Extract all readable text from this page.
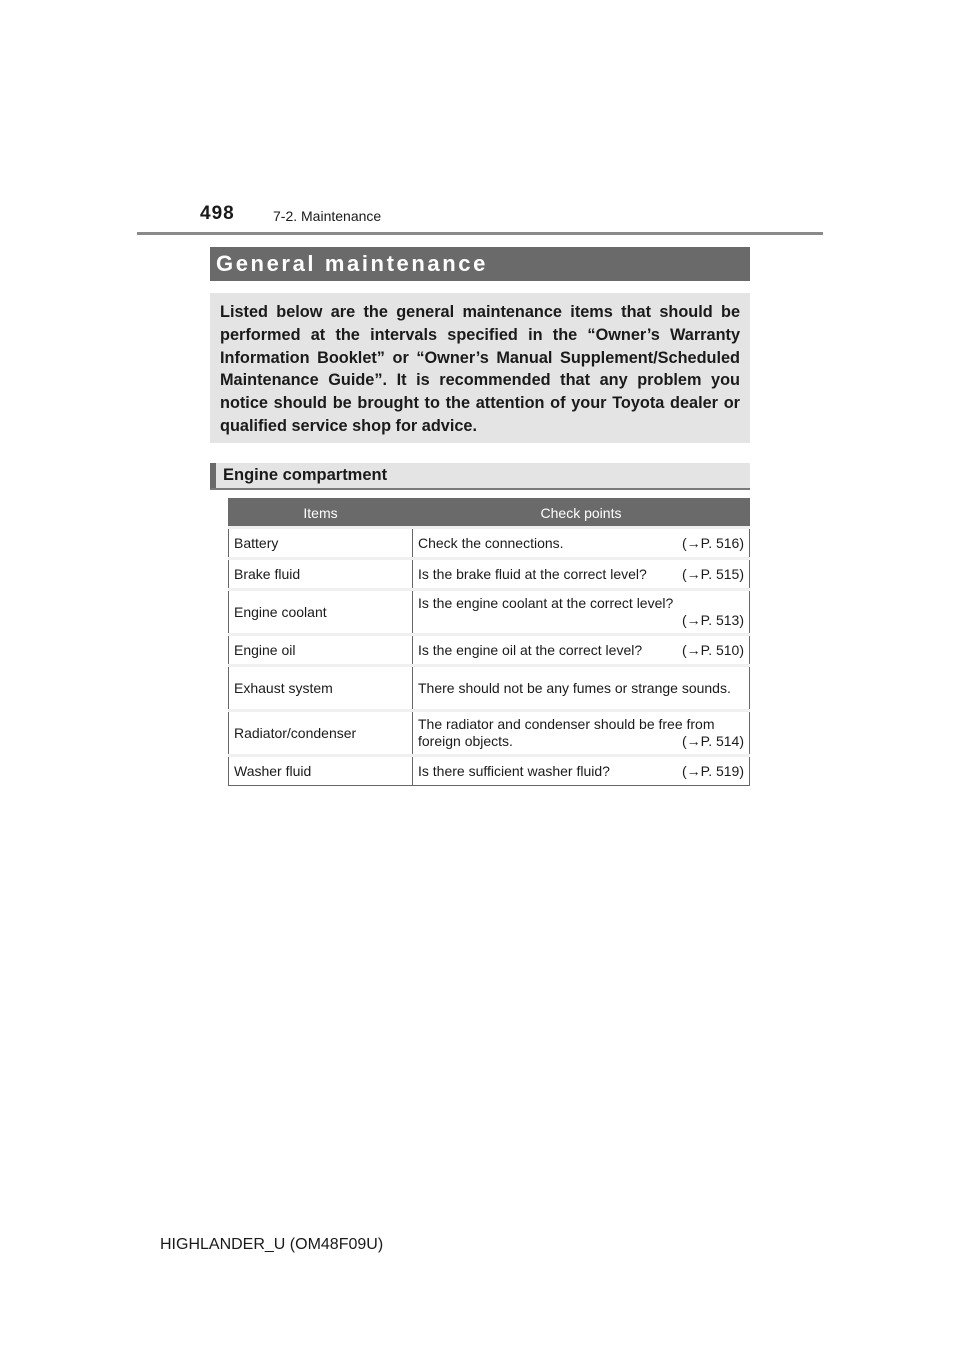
498	7-2. Maintenance
General maintenance

Listed below are the general maintenance items that should be performed at the intervals specified in the “Owner’s Warranty Information Booklet” or “Owner’s Manual Supplement/Scheduled Maintenance Guide”. It is recommended that any problem you notice should be brought to the attention of your Toyota dealer or qualified service shop for advice.

Engine compartment
Items	Check points
Battery	Check the connections. (→P. 516)

Brake fluid	Is the brake fluid at the correct level? (→P. 515)

Engine coolant	Is the engine coolant at the correct level?
(→P. 513)

Engine oil	Is the engine oil at the correct level? (→P. 510)

Exhaust system	There should not be any fumes or strange sounds.

Radiator/condenser	The radiator and condenser should be free from
foreign objects. (→P. 514)

Washer fluid	Is there sufficient washer fluid? (→P. 519)
HIGHLANDER_U (OM48F09U)
